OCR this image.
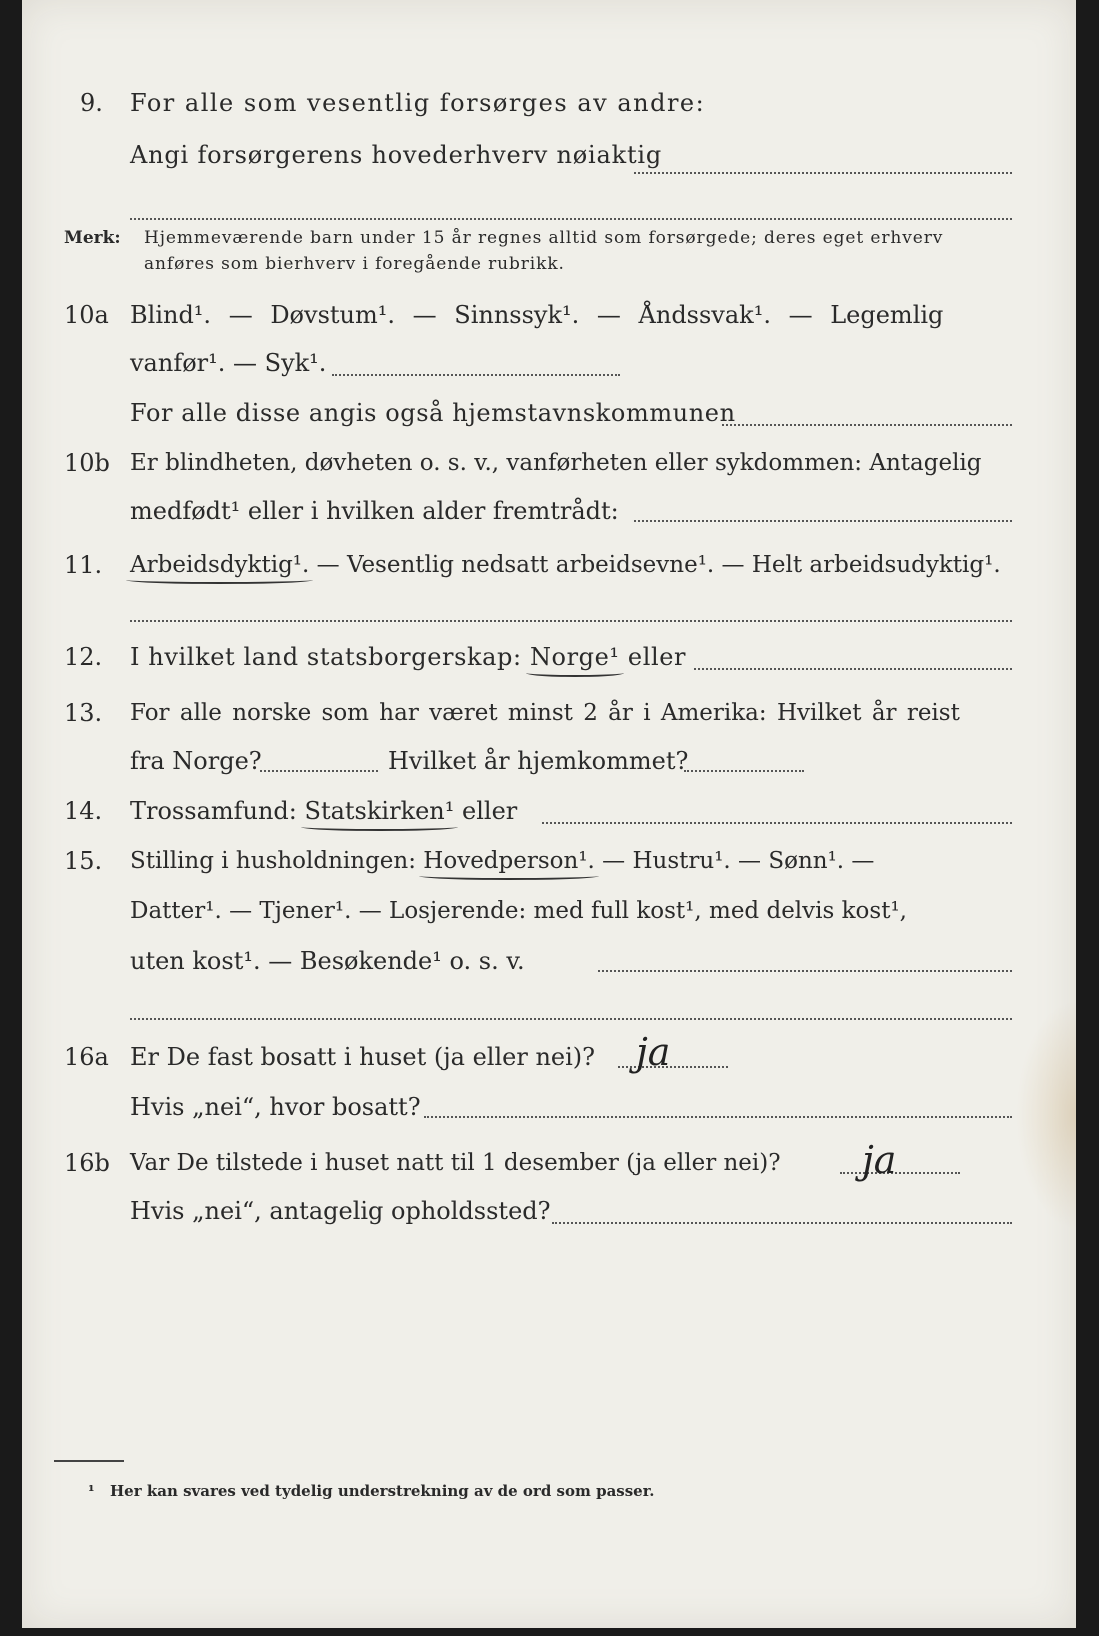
9. For alle som vesentlig forsørges av andre:
Angi forsørgerens hovederhverv nøiaktig
Merk: Hjemmeværende barn under 15 år regnes alltid som forsørgede; deres eget erhverv
anføres som bierhverv i foregående rubrikk.
10a Blind¹. — Døvstum¹. — Sinnssyk¹. — Åndssvak¹. — Legemlig
vanfør¹. — Syk¹.
For alle disse angis også hjemstavnskommunen
10b Er blindheten, døvheten o. s. v., vanførheten eller sykdommen: Antagelig
medfødt¹ eller i hvilken alder fremtrådt:
11. Arbeidsdyktig¹. — Vesentlig nedsatt arbeidsevne¹. — Helt arbeidsudyktig¹.
12. I hvilket land statsborgerskap: Norge¹ eller
13. For alle norske som har været minst 2 år i Amerika: Hvilket år reist
fra Norge?	Hvilket år hjemkommet?
14. Trossamfund: Statskirken¹ eller
15. Stilling i husholdningen: Hovedperson¹. — Hustru¹. — Sønn¹. —
Datter¹. — Tjener¹. — Losjerende: med full kost¹, med delvis kost¹,
uten kost¹. — Besøkende¹ o. s. v.
16a Er De fast bosatt i huset (ja eller nei)? ja
Hvis „nei“, hvor bosatt?
16b Var De tilstede i huset natt til 1 desember (ja eller nei)? ja
Hvis „nei“, antagelig opholdssted?
¹ Her kan svares ved tydelig understrekning av de ord som passer.
